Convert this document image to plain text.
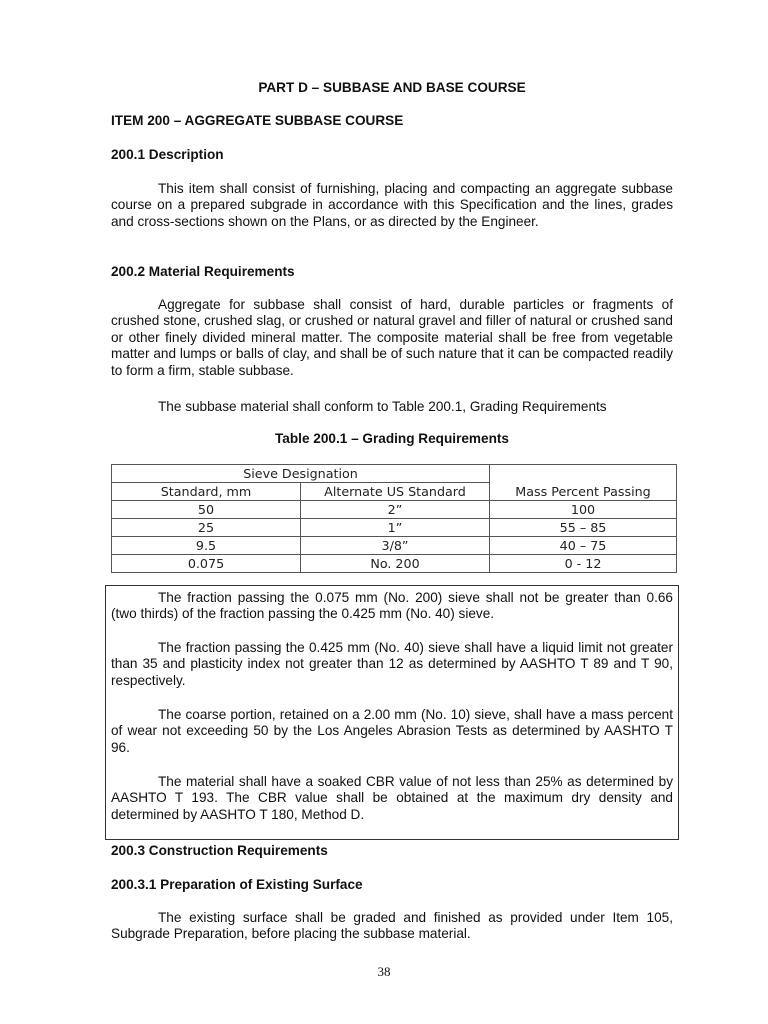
PART D – SUBBASE AND BASE COURSE
ITEM 200 – AGGREGATE SUBBASE COURSE
200.1 Description

This item shall consist of furnishing, placing and compacting an aggregate subbase course on a prepared subgrade in accordance with this Specification and the lines, grades and cross-sections shown on the Plans, or as directed by the Engineer.

200.2 Material Requirements

Aggregate for subbase shall consist of hard, durable particles or fragments of crushed stone, crushed slag, or crushed or natural gravel and filler of natural or crushed sand or other finely divided mineral matter. The composite material shall be free from vegetable matter and lumps or balls of clay, and shall be of such nature that it can be compacted readily to form a firm, stable subbase.

The subbase material shall conform to Table 200.1, Grading Requirements
Table 200.1 – Grading Requirements
Sieve Designation		Mass Percent Passing
Standard, mm	Alternate US Standard	
50	2”	100
25	1”	55 – 85
9.5	3/8”	40 – 75
0.075	No. 200	0 - 12

The fraction passing the 0.075 mm (No. 200) sieve shall not be greater than 0.66 (two thirds) of the fraction passing the 0.425 mm (No. 40) sieve.

The fraction passing the 0.425 mm (No. 40) sieve shall have a liquid limit not greater than 35 and plasticity index not greater than 12 as determined by AASHTO T 89 and T 90, respectively.

The coarse portion, retained on a 2.00 mm (No. 10) sieve, shall have a mass percent of wear not exceeding 50 by the Los Angeles Abrasion Tests as determined by AASHTO T 96.

The material shall have a soaked CBR value of not less than 25% as determined by AASHTO T 193. The CBR value shall be obtained at the maximum dry density and determined by AASHTO T 180, Method D.

200.3 Construction Requirements
200.3.1 Preparation of Existing Surface

The existing surface shall be graded and finished as provided under Item 105, Subgrade Preparation, before placing the subbase material.

38
